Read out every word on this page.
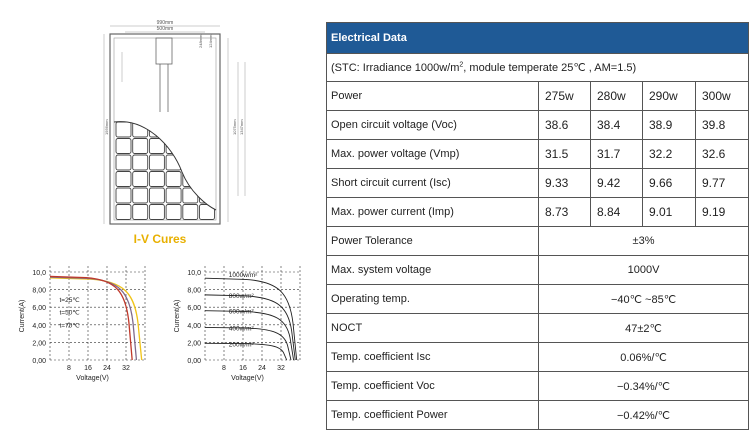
990mm
500mm
248mm 124mm
1956mm	1075mm 1347mm
I-V Cures
0,00
2,00
4,00
6,00
8,00
10,0
8 16 24 32
Current(A)
Voltage(V)
t=25℃
t=50℃
t=70℃
0,00
2,00
4,00
6,00
8,00
10,0
8 16 24 32
Current(A)
Voltage(V)
1000w/m²
800w/m²
600w/m²
400w/m²
200w/m²
Electrical Data				
(STC: Irradiance $1000w/m^2$, module temperate 25℃ , AM=1.5)				
Power	275w	280w	290w	300w
Open circuit voltage (Voc)	38.6	38.4	38.9	39.8
Max. power voltage (Vmp)	31.5	31.7	32.2	32.6
Short circuit current (Isc)	9.33	9.42	9.66	9.77
Max. power current (Imp)	8.73	8.84	9.01	9.19
Power Tolerance	±3%			
Max. system voltage	1000V			
Operating temp.	−40℃ ~85℃			
NOCT	47±2℃			
Temp. coefficient Isc	0.06%/℃			
Temp. coefficient Voc	−0.34%/℃			
Temp. coefficient Power	−0.42%/℃			
